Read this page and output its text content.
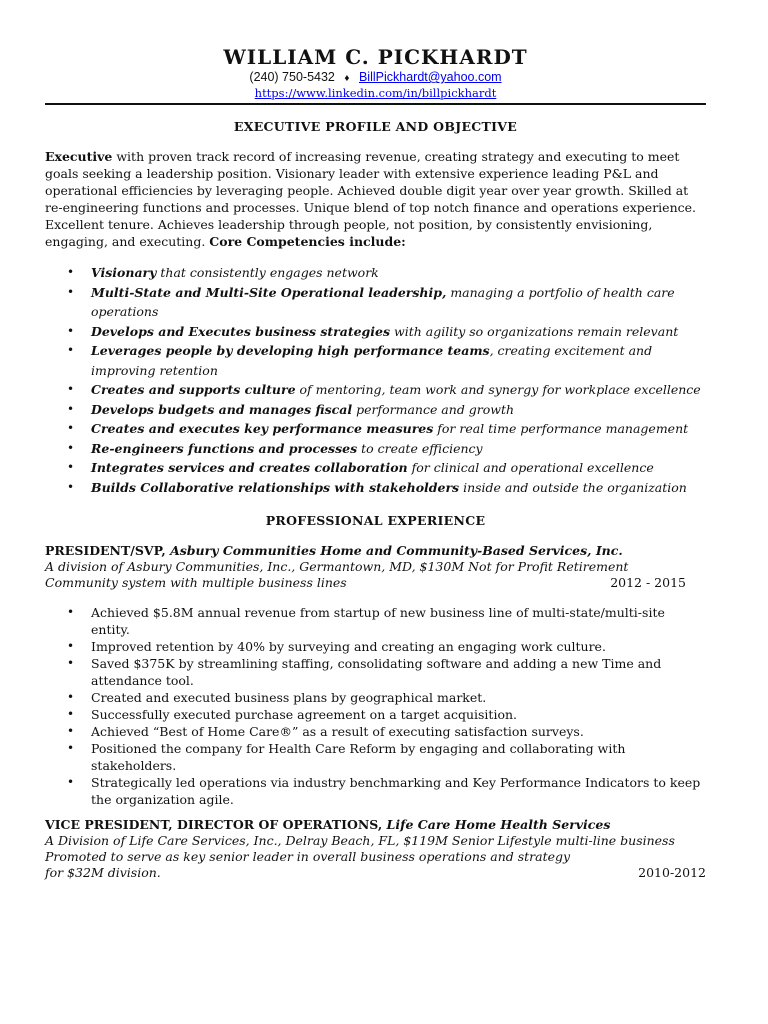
WILLIAM C. PICKHARDT
(240) 750-5432 ♦ BillPickhardt@yahoo.com
https://www.linkedin.com/in/billpickhardt
EXECUTIVE PROFILE AND OBJECTIVE
Executive with proven track record of increasing revenue, creating strategy and executing to meet goals seeking a leadership position. Visionary leader with extensive experience leading P&L and operational efficiencies by leveraging people. Achieved double digit year over year growth. Skilled at re-engineering functions and processes. Unique blend of top notch finance and operations experience. Excellent tenure. Achieves leadership through people, not position, by consistently envisioning, engaging, and executing. Core Competencies include:
• Visionary that consistently engages network
• Multi-State and Multi-Site Operational leadership, managing a portfolio of health care operations
• Develops and Executes business strategies with agility so organizations remain relevant
• Leverages people by developing high performance teams, creating excitement and improving retention
• Creates and supports culture of mentoring, team work and synergy for workplace excellence
• Develops budgets and manages fiscal performance and growth
• Creates and executes key performance measures for real time performance management
• Re-engineers functions and processes to create efficiency
• Integrates services and creates collaboration for clinical and operational excellence
• Builds Collaborative relationships with stakeholders inside and outside the organization
PROFESSIONAL EXPERIENCE
PRESIDENT/SVP, Asbury Communities Home and Community-Based Services, Inc.
A division of Asbury Communities, Inc., Germantown, MD, $130M Not for Profit Retirement
Community system with multiple business lines	2012 - 2015
• Achieved $5.8M annual revenue from startup of new business line of multi-state/multi-site entity.
• Improved retention by 40% by surveying and creating an engaging work culture.
• Saved $375K by streamlining staffing, consolidating software and adding a new Time and attendance tool.
• Created and executed business plans by geographical market.
• Successfully executed purchase agreement on a target acquisition.
• Achieved “Best of Home Care®” as a result of executing satisfaction surveys.
• Positioned the company for Health Care Reform by engaging and collaborating with stakeholders.
• Strategically led operations via industry benchmarking and Key Performance Indicators to keep the organization agile.
VICE PRESIDENT, DIRECTOR OF OPERATIONS, Life Care Home Health Services
A Division of Life Care Services, Inc., Delray Beach, FL, $119M Senior Lifestyle multi-line business
Promoted to serve as key senior leader in overall business operations and strategy
for $32M division.	2010-2012
